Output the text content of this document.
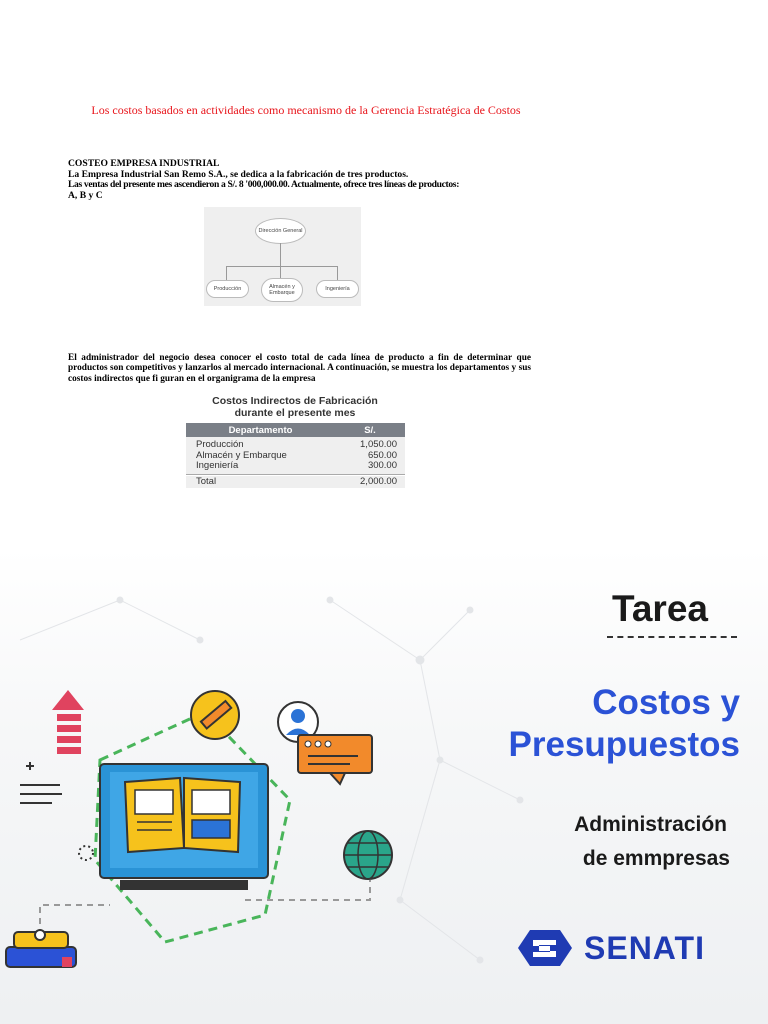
Los costos basados en actividades como mecanismo de la Gerencia Estratégica de Costos
COSTEO EMPRESA INDUSTRIAL
La Empresa Industrial San Remo S.A., se dedica a la fabricación de tres productos.
Las ventas del presente mes ascendieron a S/. 8 '000,000.00. Actualmente, ofrece tres líneas de productos:
A, B y C
Dirección General
Producción	Almacén y Embarque
Ingeniería
El administrador del negocio desea conocer el costo total de cada línea de producto a fin de determinar que productos son competitivos y lanzarlos al mercado internacional. A continuación, se muestra los departamentos y sus costos indirectos que fi guran en el organigrama de la empresa
Costos Indirectos de Fabricación
durante el presente mes
Departamento	S/.
Producción	1,050.00
Almacén y Embarque	650.00
Ingeniería	300.00
Total	2,000.00
Tarea
Costos y
Presupuestos
Administración
de emmpresas
SENATI
